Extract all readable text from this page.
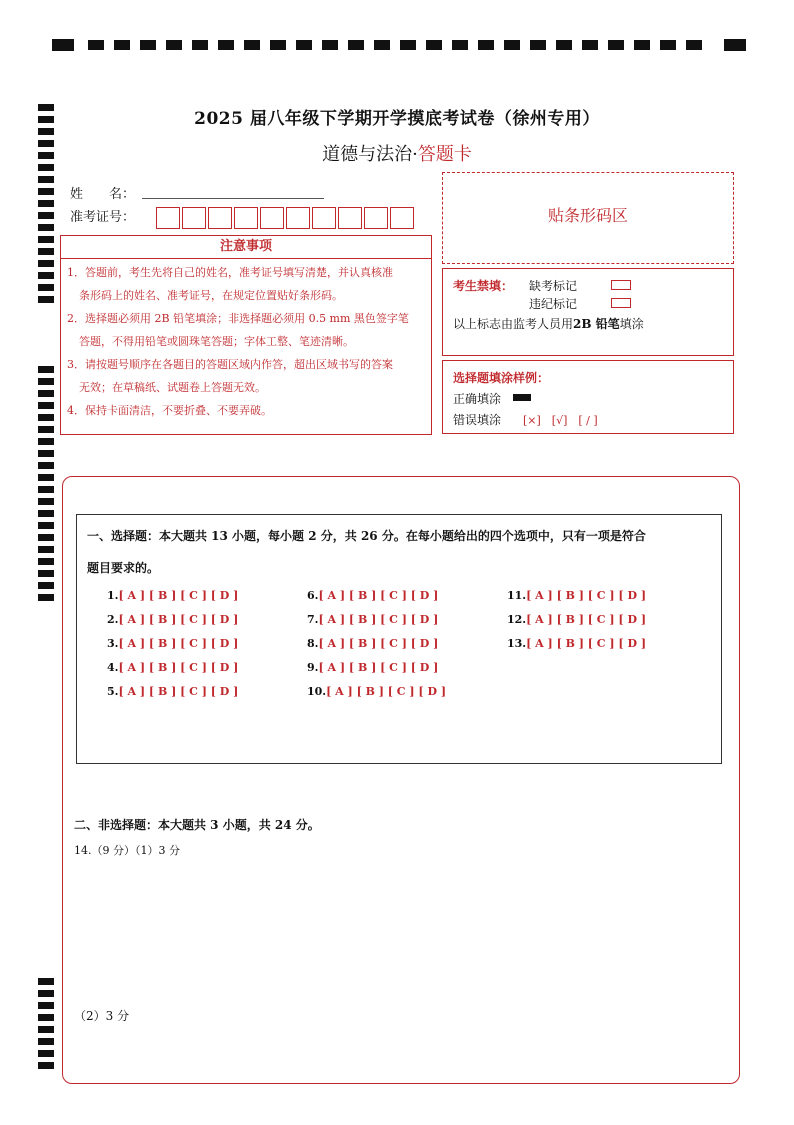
2025 届八年级下学期开学摸底考试卷（徐州专用）
道德与法治·答题卡
姓　　名：
准考证号：
注意事项

1．答题前，考生先将自己的姓名，准考证号填写清楚，并认真核准

条形码上的姓名、准考证号，在规定位置贴好条形码。

2．选择题必须用 2B 铅笔填涂；非选择题必须用 0.5 mm 黑色签字笔

答题，不得用铅笔或圆珠笔答题；字体工整、笔迹清晰。

3．请按题号顺序在各题目的答题区域内作答，超出区域书写的答案

无效；在草稿纸、试题卷上答题无效。

4．保持卡面清洁，不要折叠、不要弄破。

贴条形码区
考生禁填： 缺考标记
违纪标记
以上标志由监考人员用2B 铅笔填涂
选择题填涂样例：
正确填涂
错误填涂 [×]　[√]　[ / ]
一、选择题：本大题共 13 小题，每小题 2 分，共 26 分。在每小题给出的四个选项中，只有一项是符合
题目要求的。
1.[ A ] [ B ] [ C ] [ D ]
2.[ A ] [ B ] [ C ] [ D ]
3.[ A ] [ B ] [ C ] [ D ]
4.[ A ] [ B ] [ C ] [ D ]
5.[ A ] [ B ] [ C ] [ D ]
6.[ A ] [ B ] [ C ] [ D ]
7.[ A ] [ B ] [ C ] [ D ]
8.[ A ] [ B ] [ C ] [ D ]
9.[ A ] [ B ] [ C ] [ D ]
10.[ A ] [ B ] [ C ] [ D ]
11.[ A ] [ B ] [ C ] [ D ]
12.[ A ] [ B ] [ C ] [ D ]
13.[ A ] [ B ] [ C ] [ D ]
二、非选择题：本大题共 3 小题，共 24 分。
14.（9 分）（1）3 分
（2）3 分
